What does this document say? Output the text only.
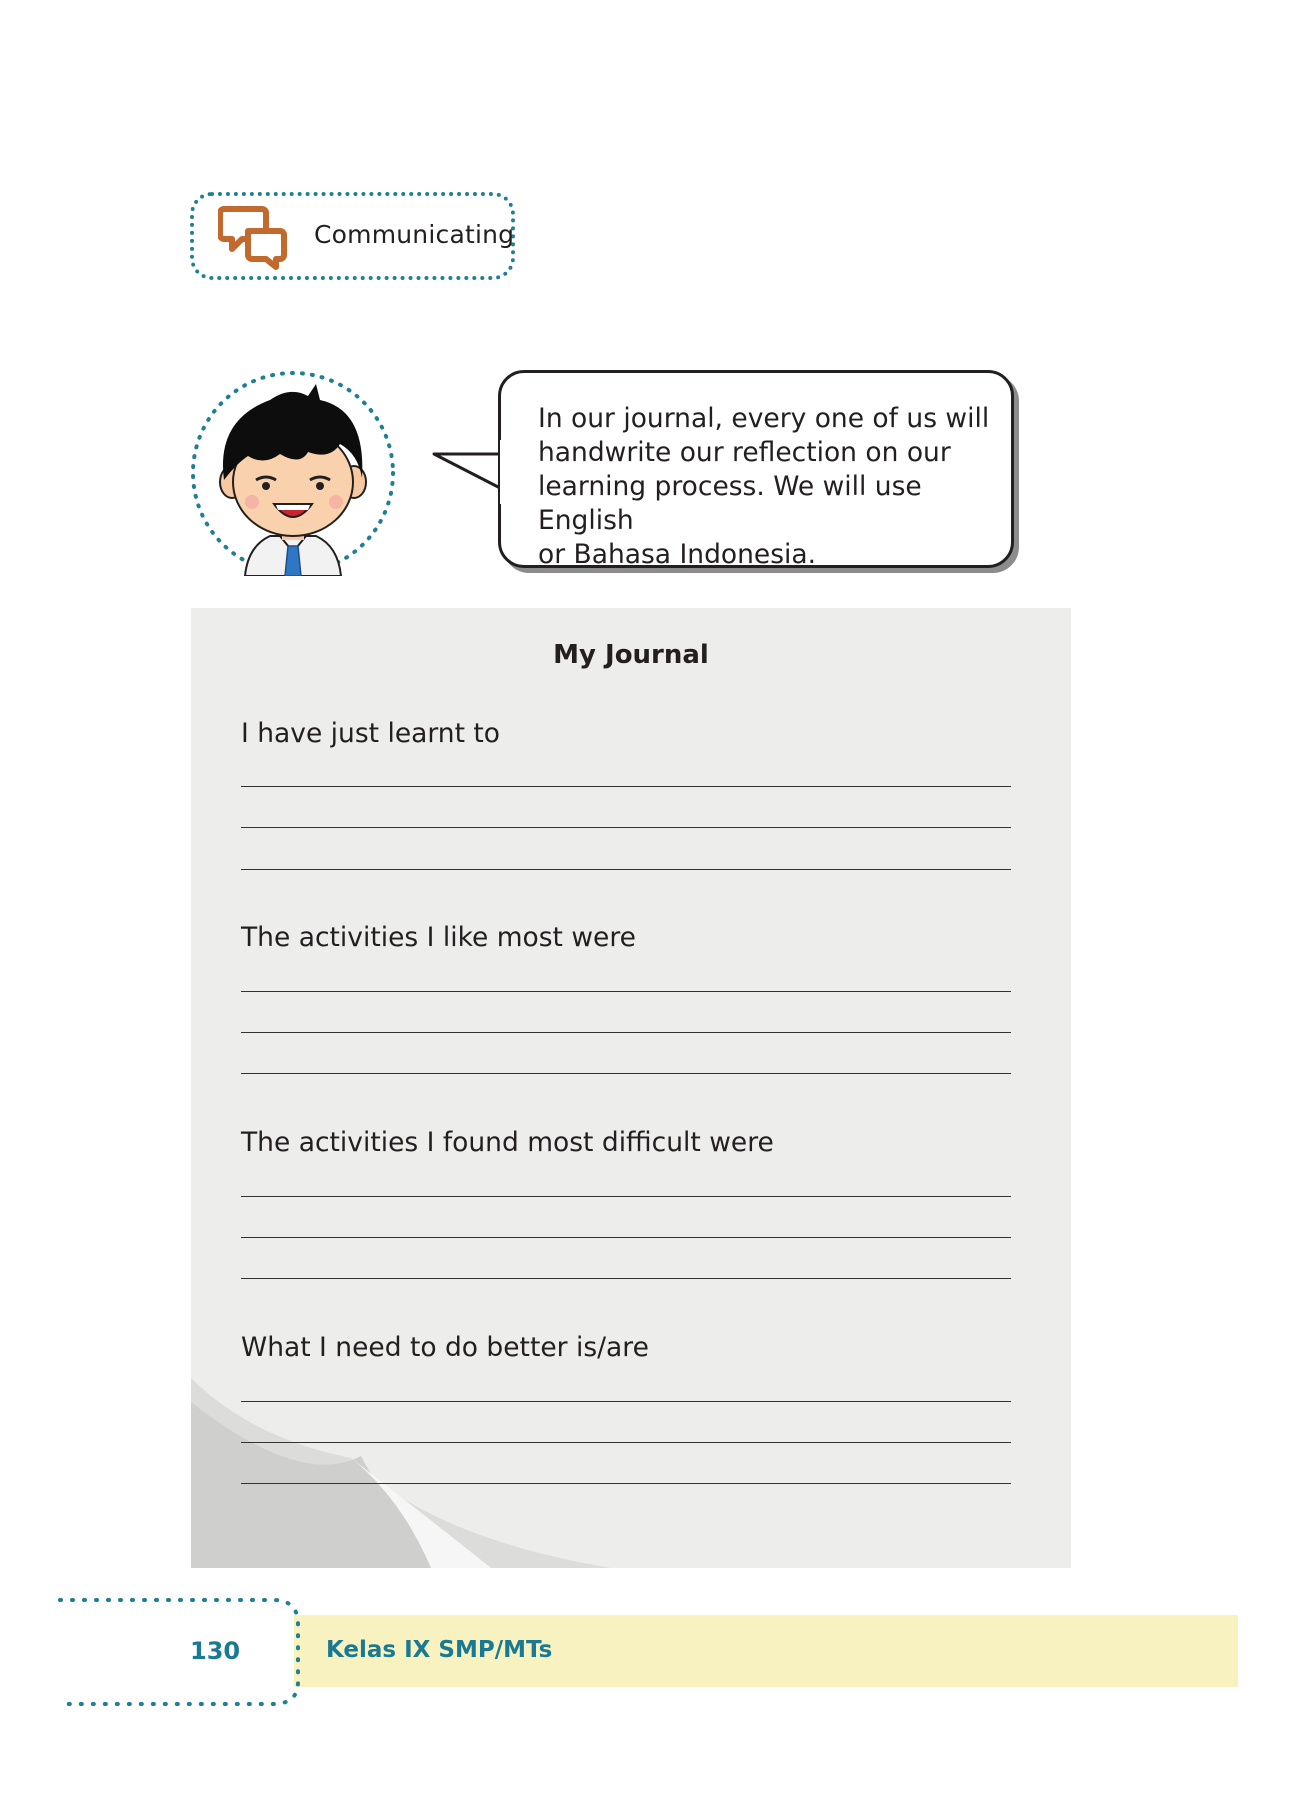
Communicating
In our journal, every one of us will
handwrite our reflection on our
learning process. We will use English
or Bahasa Indonesia.
My Journal
I have just learnt to
The activities I like most were
The activities I found most difficult were
What I need to do better is/are
130	Kelas IX SMP/MTs
